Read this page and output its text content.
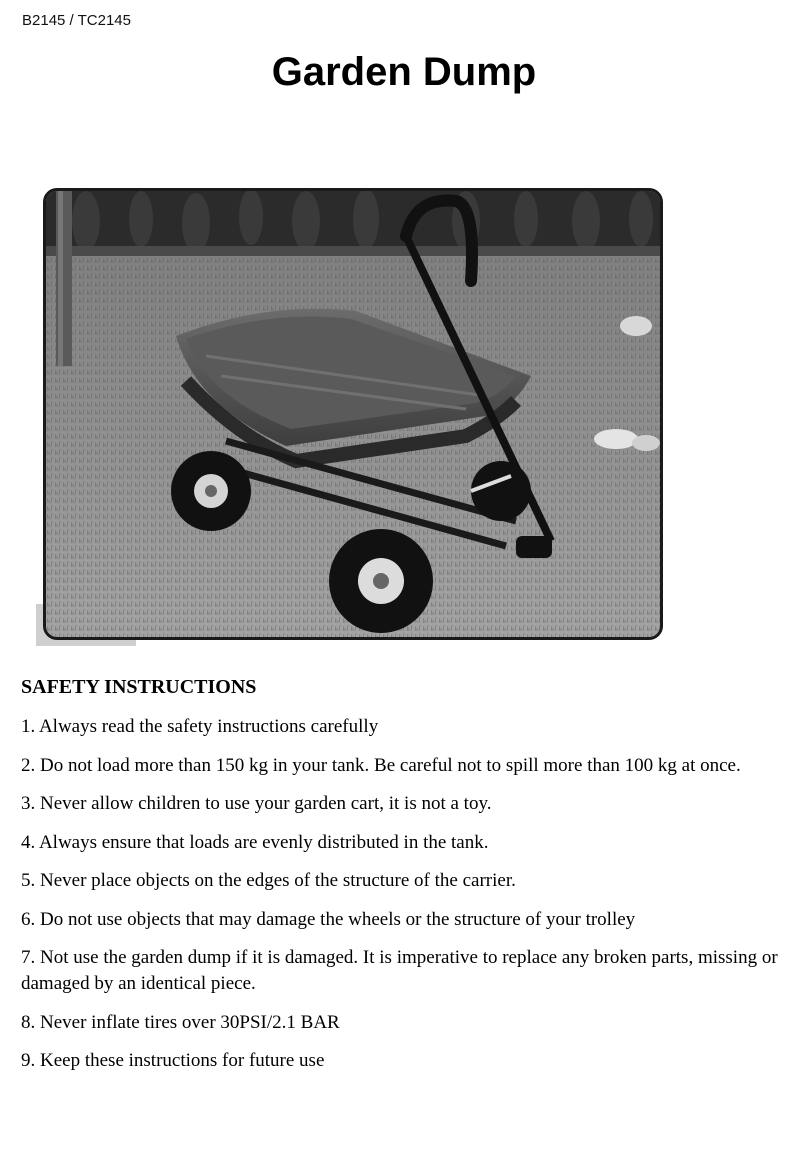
B2145 / TC2145
Garden Dump
SAFETY INSTRUCTIONS
1. Always read the safety instructions carefully
2. Do not load more than 150 kg in your tank. Be careful not to spill more than 100 kg at once.
3. Never allow children to use your garden cart, it is not a toy.
4. Always ensure that loads are evenly distributed in the tank.
5. Never place objects on the edges of the structure of the carrier.
6. Do not use objects that may damage the wheels or the structure of your trolley
7. Not use the garden dump if it is damaged. It is imperative to replace any broken parts, missing or damaged by an identical piece.
8. Never inflate tires over 30PSI/2.1 BAR
9. Keep these instructions for future use
